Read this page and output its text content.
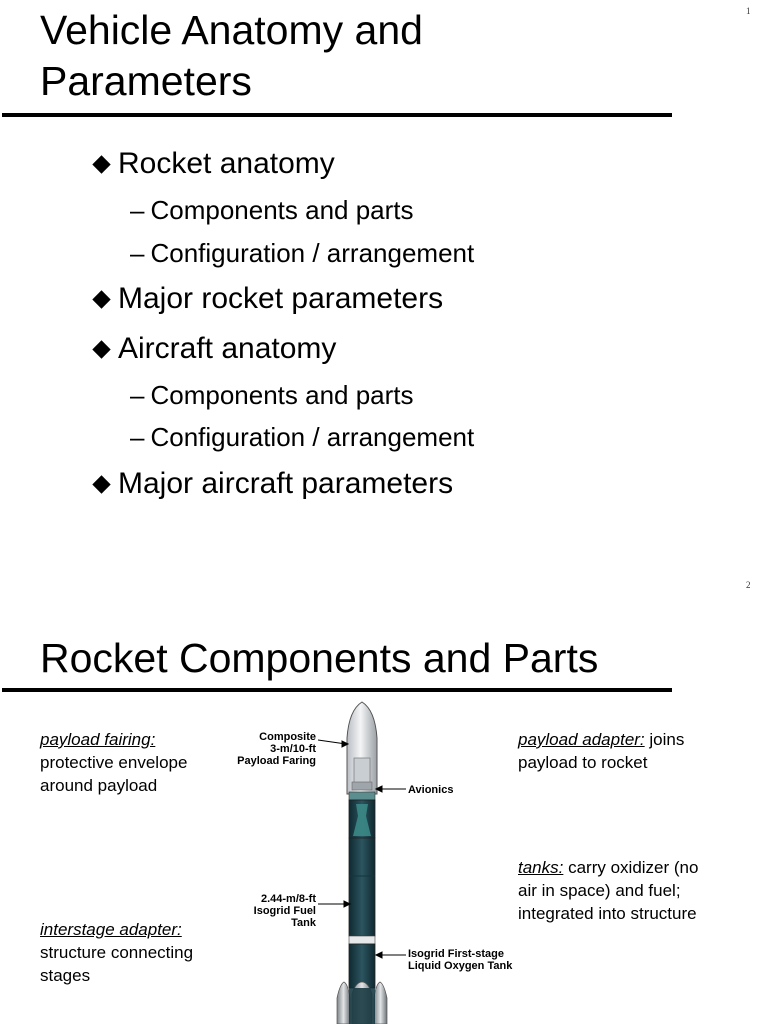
1
Vehicle Anatomy and
Parameters
Rocket anatomy
– Components and parts
– Configuration / arrangement
Major rocket parameters
Aircraft anatomy
– Components and parts
– Configuration / arrangement
Major aircraft parameters
2
Rocket Components and Parts
payload fairing:
protective envelope
around payload
payload adapter: joins
payload to rocket
tanks: carry oxidizer (no
air in space) and fuel;
integrated into structure
interstage adapter:
structure connecting
stages
Composite
3-m/10-ft
Payload Faring
Avionics
2.44-m/8-ft
Isogrid Fuel
Tank
Isogrid First-stage
Liquid Oxygen Tank
